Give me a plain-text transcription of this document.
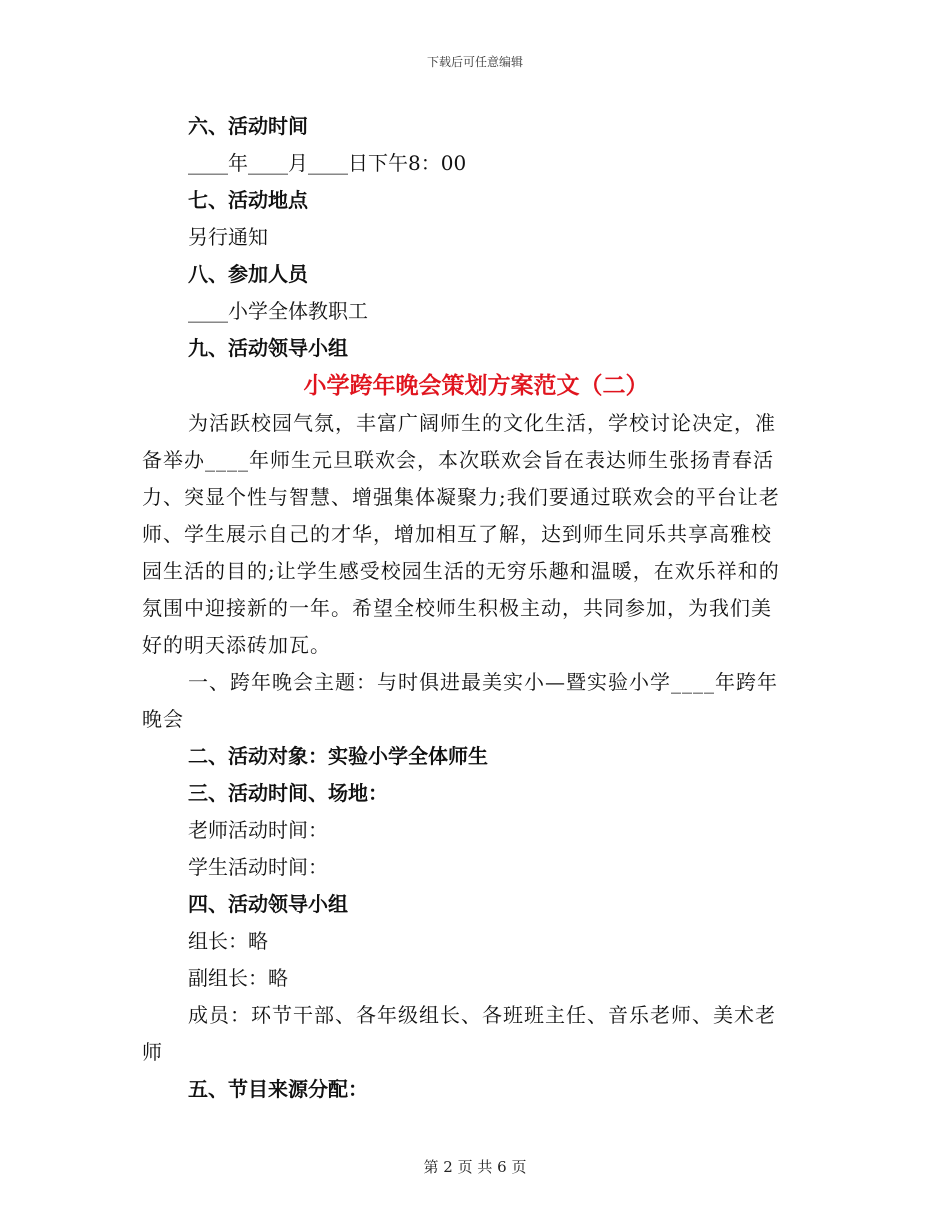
下载后可任意编辑
六、活动时间
____年____月____日下午8：00
七、活动地点
另行通知
八、参加人员
____小学全体教职工
九、活动领导小组
小学跨年晚会策划方案范文（二）
为活跃校园气氛，丰富广阔师生的文化生活，学校讨论决定，准
备举办____年师生元旦联欢会，本次联欢会旨在表达师生张扬青春活
力、突显个性与智慧、增强集体凝聚力;我们要通过联欢会的平台让老
师、学生展示自己的才华，增加相互了解，达到师生同乐共享高雅校
园生活的目的;让学生感受校园生活的无穷乐趣和温暖，在欢乐祥和的
氛围中迎接新的一年。希望全校师生积极主动，共同参加，为我们美
好的明天添砖加瓦。
一、跨年晚会主题：与时俱进最美实小—暨实验小学____年跨年
晚会
二、活动对象：实验小学全体师生
三、活动时间、场地：
老师活动时间：
学生活动时间：
四、活动领导小组
组长：略
副组长：略
成员：环节干部、各年级组长、各班班主任、音乐老师、美术老
师
五、节目来源分配：
第 2 页 共 6 页
